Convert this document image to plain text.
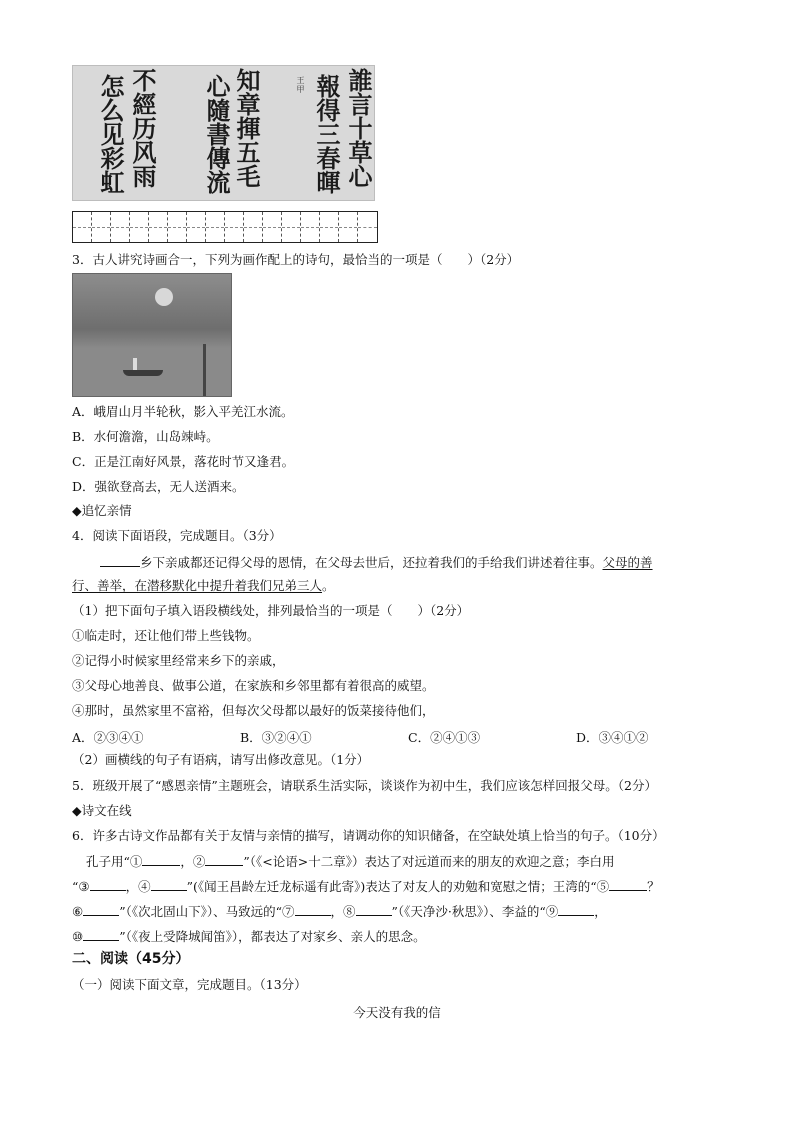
誰言十草心
報得三春暉
王甲
知章揮五毛
心隨書傳流
不經历风雨
怎么见彩虹
3．古人讲究诗画合一，下列为画作配上的诗句，最恰当的一项是（　　）（2分）
A．峨眉山月半轮秋，影入平羌江水流。
B．水何澹澹，山岛竦峙。
C．正是江南好风景，落花时节又逢君。
D．强欲登高去，无人送酒来。
◆追忆亲情
4．阅读下面语段，完成题目。（3分）
乡下亲戚都还记得父母的恩情，在父母去世后，还拉着我们的手给我们讲述着往事。父母的善
行、善举，在潜移默化中提升着我们兄弟三人。
（1）把下面句子填入语段横线处，排列最恰当的一项是（　　）（2分）
①临走时，还让他们带上些钱物。
②记得小时候家里经常来乡下的亲戚，
③父母心地善良、做事公道，在家族和乡邻里都有着很高的威望。
④那时，虽然家里不富裕，但每次父母都以最好的饭菜接待他们，
A．②③④①	B．③②④①	C．②④①③	D．③④①②
（2）画横线的句子有语病，请写出修改意见。（1分）
5．班级开展了“感恩亲情”主题班会，请联系生活实际，谈谈作为初中生，我们应该怎样回报父母。（2分）
◆诗文在线
6．许多古诗文作品都有关于友情与亲情的描写，请调动你的知识储备，在空缺处填上恰当的句子。（10分）
孔子用“①	，②	”（《<论语>十二章》）表达了对远道而来的朋友的欢迎之意；李白用
“③	，④	”(《闻王昌龄左迁龙标遥有此寄》)表达了对友人的劝勉和宽慰之情；王湾的“⑤	？
⑥	”（《次北固山下》）、马致远的“⑦	，⑧	”（《天净沙·秋思》）、李益的“⑨	，
⑩	”（《夜上受降城闻笛》），都表达了对家乡、亲人的思念。
二、阅读（45分）
（一）阅读下面文章，完成题目。（13分）
今天没有我的信
